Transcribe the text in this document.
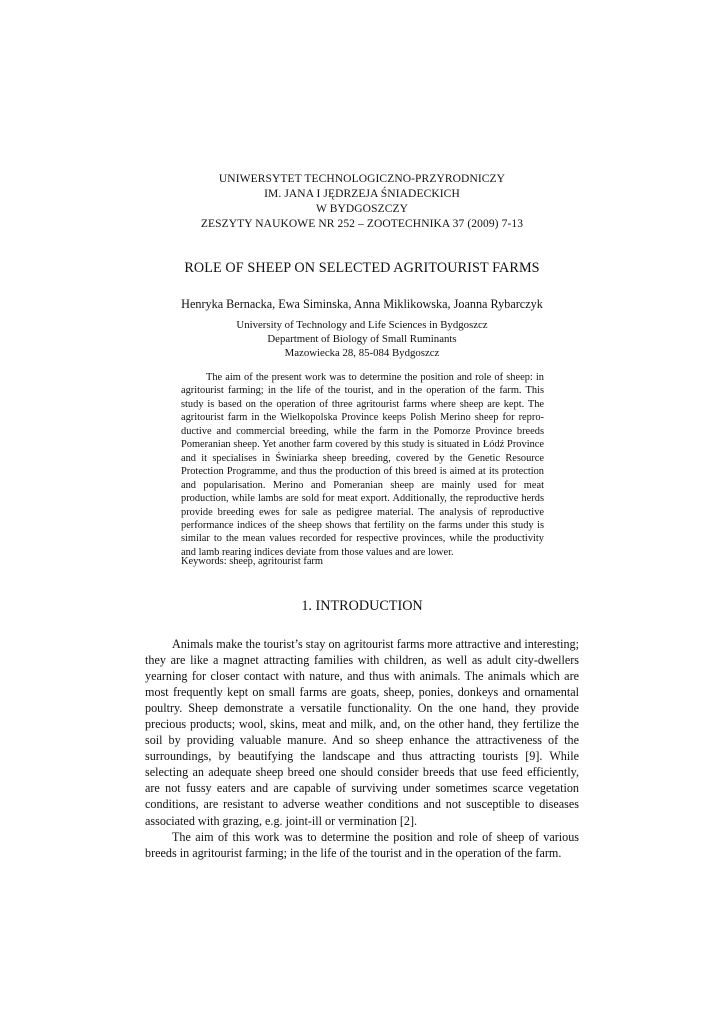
UNIWERSYTET TECHNOLOGICZNO-PRZYRODNICZY
IM. JANA I JĘDRZEJA ŚNIADECKICH
W BYDGOSZCZY
ZESZYTY NAUKOWE NR 252 – ZOOTECHNIKA 37 (2009) 7-13
ROLE OF SHEEP ON SELECTED AGRITOURIST FARMS
Henryka Bernacka, Ewa Siminska, Anna Miklikowska, Joanna Rybarczyk
University of Technology and Life Sciences in Bydgoszcz
Department of Biology of Small Ruminants
Mazowiecka 28, 85-084 Bydgoszcz
The aim of the present work was to determine the position and role of sheep: in agritourist farming; in the life of the tourist, and in the operation of the farm. This study is based on the operation of three agritourist farms where sheep are kept. The agritourist farm in the Wielkopolska Province keeps Polish Merino sheep for reproductive and commercial breeding, while the farm in the Pomorze Province breeds Pomeranian sheep. Yet another farm covered by this study is situated in Łódź Province and it specialises in Świniarka sheep breeding, covered by the Genetic Resource Protection Programme, and thus the production of this breed is aimed at its protection and popularisation. Merino and Pomeranian sheep are mainly used for meat production, while lambs are sold for meat export. Additionally, the reproductive herds provide breeding ewes for sale as pedigree material. The analysis of reproductive performance indices of the sheep shows that fertility on the farms under this study is similar to the mean values recorded for respective provinces, while the productivity and lamb rearing indices deviate from those values and are lower.
Keywords: sheep, agritourist farm
1. INTRODUCTION

Animals make the tourist’s stay on agritourist farms more attractive and interesting; they are like a magnet attracting families with children, as well as adult city-dwellers yearning for closer contact with nature, and thus with animals. The animals which are most frequently kept on small farms are goats, sheep, ponies, donkeys and ornamental poultry. Sheep demonstrate a versatile functionality. On the one hand, they provide precious products; wool, skins, meat and milk, and, on the other hand, they fertilize the soil by providing valuable manure. And so sheep enhance the attractiveness of the surroundings, by beautifying the landscape and thus attracting tourists [9]. While selecting an adequate sheep breed one should consider breeds that use feed efficiently, are not fussy eaters and are capable of surviving under sometimes scarce vegetation conditions, are resistant to adverse weather conditions and not susceptible to diseases associated with grazing, e.g. joint-ill or vermination [2].

The aim of this work was to determine the position and role of sheep of various breeds in agritourist farming; in the life of the tourist and in the operation of the farm.
